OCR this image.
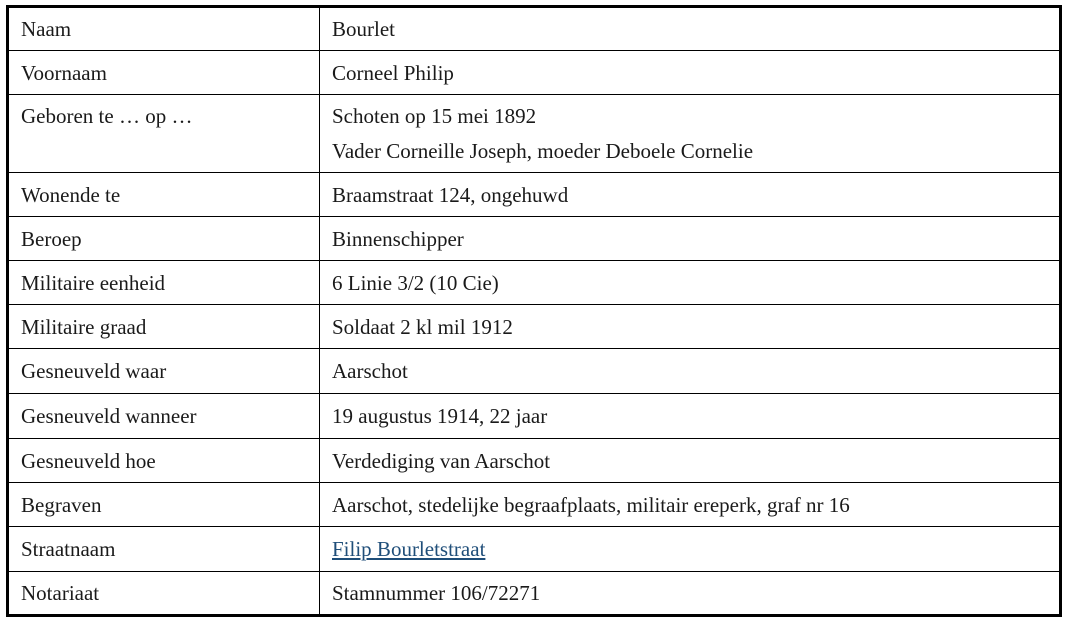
Naam	Bourlet
Voornaam	Corneel Philip
Geboren te … op …	Schoten op 15 mei 1892
Vader Corneille Joseph, moeder Deboele Cornelie

Wonende te	Braamstraat 124, ongehuwd
Beroep	Binnenschipper
Militaire eenheid	6 Linie 3/2 (10 Cie)
Militaire graad	Soldaat 2 kl mil 1912
Gesneuveld waar	Aarschot
Gesneuveld wanneer	19 augustus 1914, 22 jaar
Gesneuveld hoe	Verdediging van Aarschot
Begraven	Aarschot, stedelijke begraafplaats, militair ereperk, graf nr 16
Straatnaam	Filip Bourletstraat
Notariaat	Stamnummer 106/72271
